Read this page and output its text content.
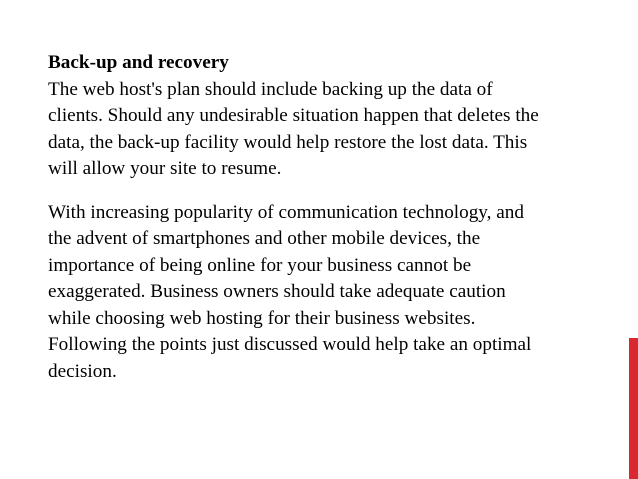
Back-up and recovery
The web host's plan should include backing up the data of
clients. Should any undesirable situation happen that deletes the
data, the back-up facility would help restore the lost data. This
will allow your site to resume.
With increasing popularity of communication technology, and
the advent of smartphones and other mobile devices, the
importance of being online for your business cannot be
exaggerated. Business owners should take adequate caution
while choosing web hosting for their business websites.
Following the points just discussed would help take an optimal
decision.
